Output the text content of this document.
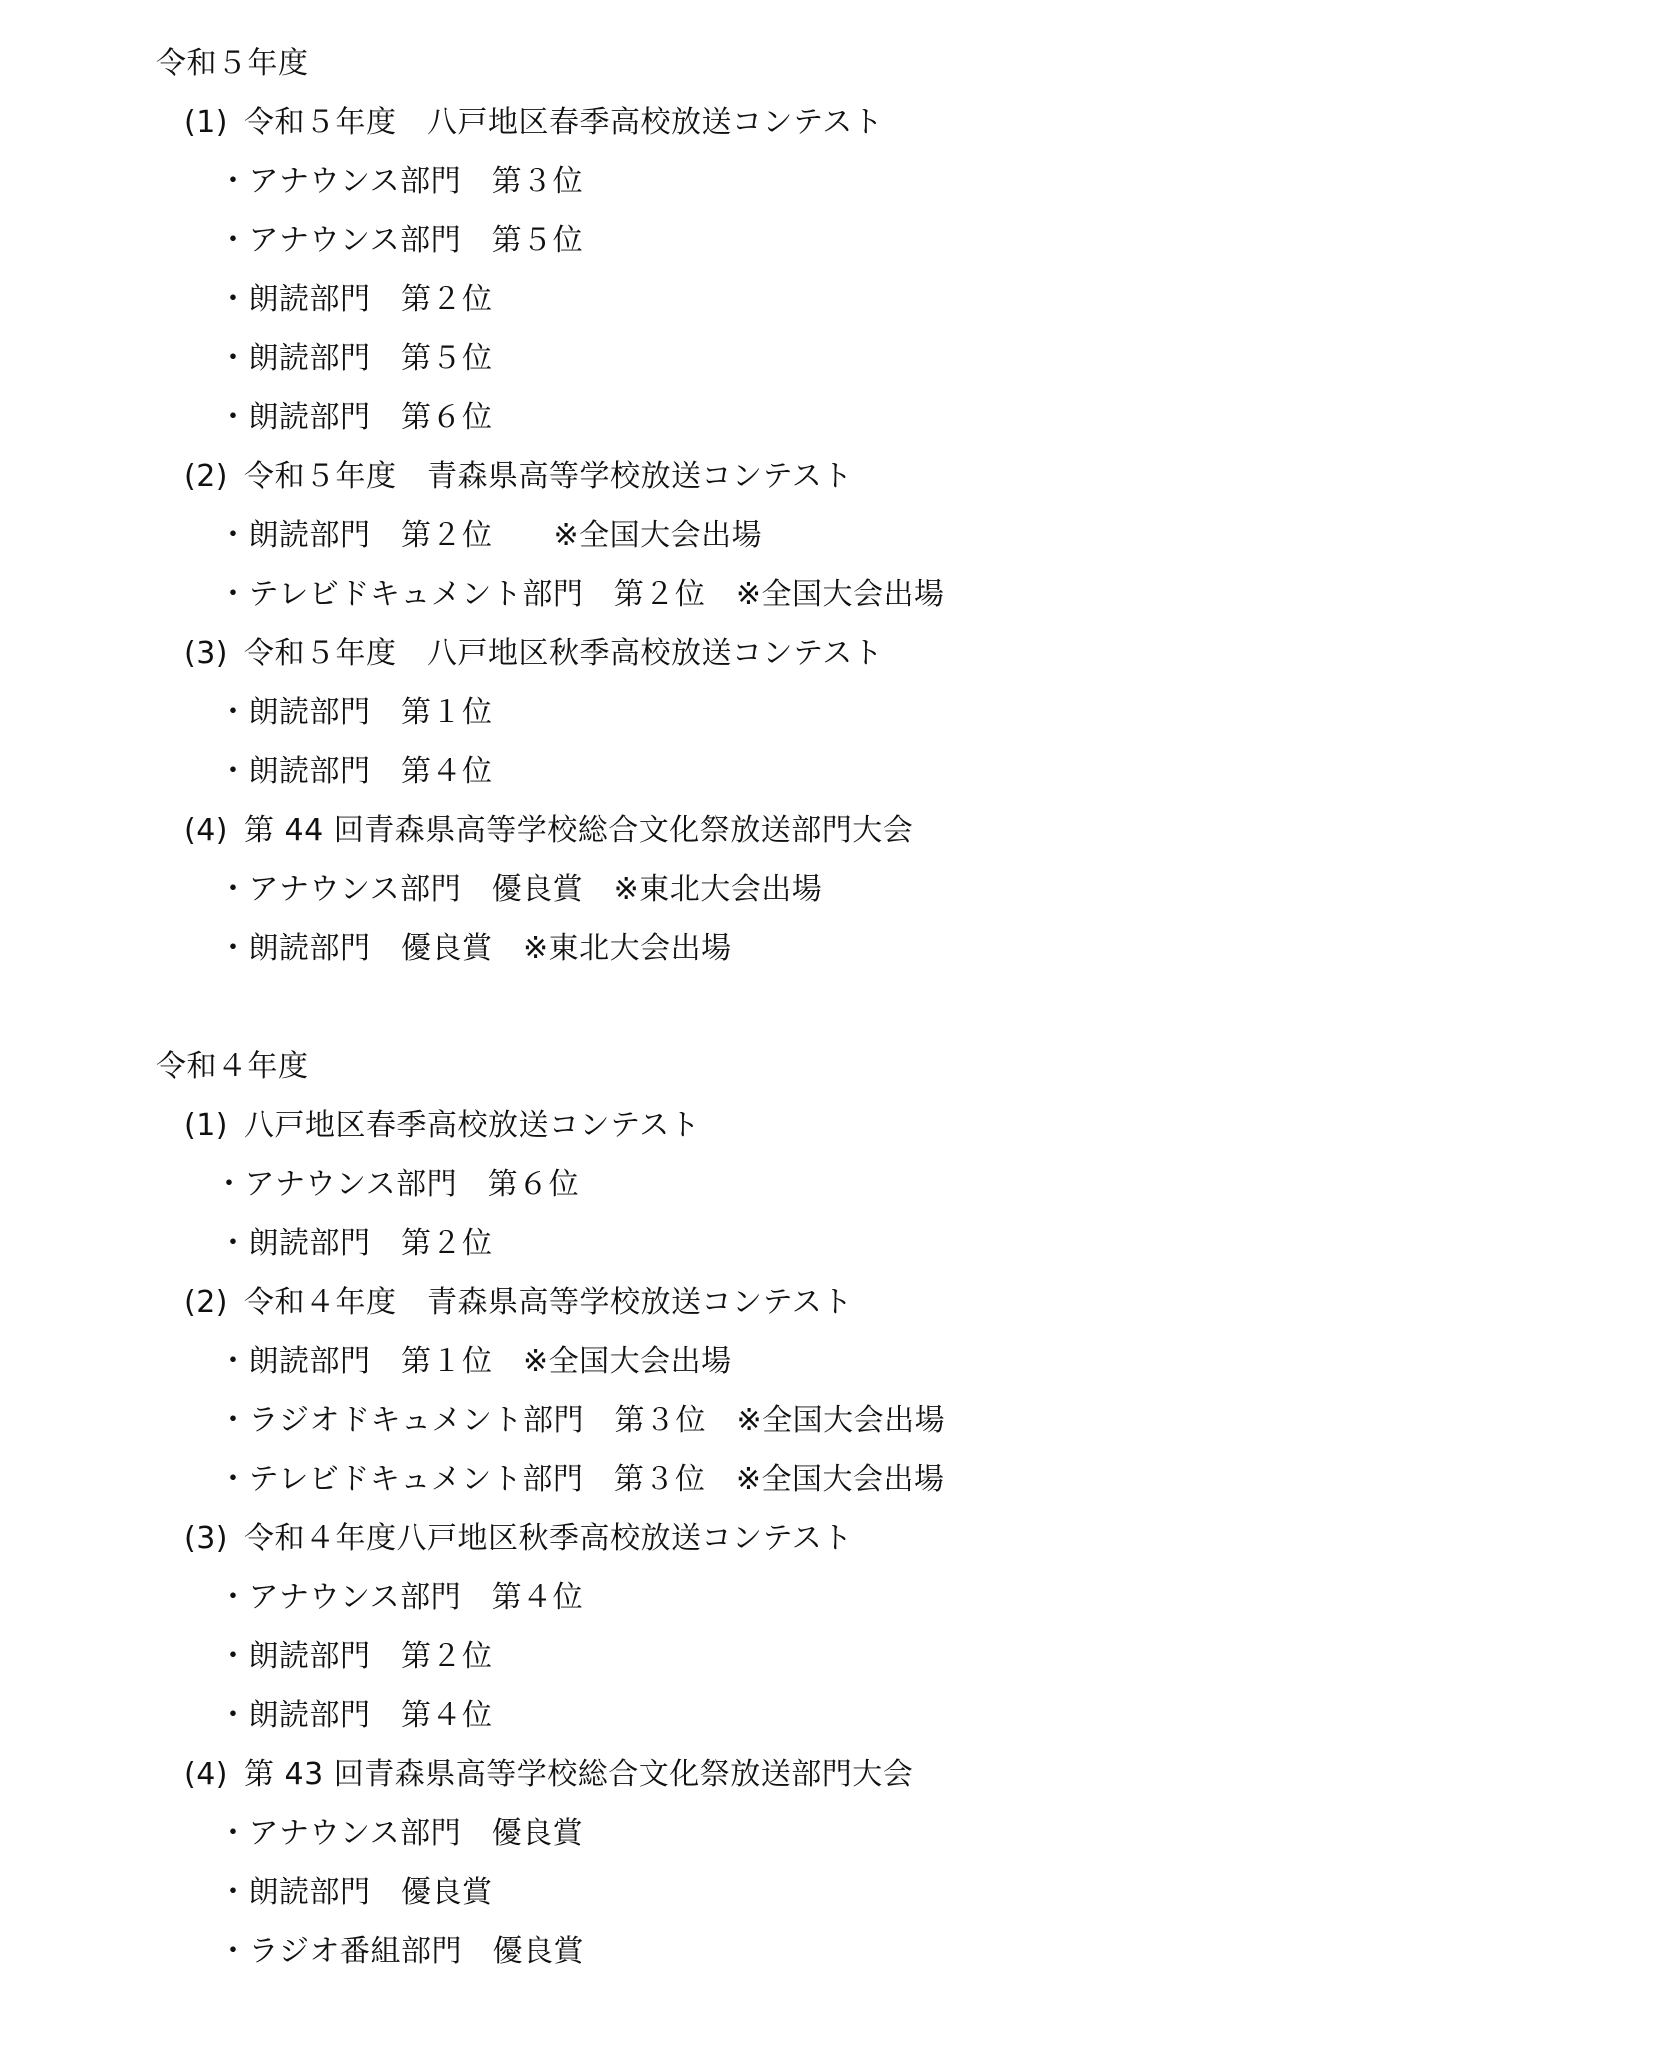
令和５年度
(1) 令和５年度　八戸地区春季高校放送コンテスト
・アナウンス部門　第３位
・アナウンス部門　第５位
・朗読部門　第２位
・朗読部門　第５位
・朗読部門　第６位
(2) 令和５年度　青森県高等学校放送コンテスト
・朗読部門　第２位　　※全国大会出場
・テレビドキュメント部門　第２位　※全国大会出場
(3) 令和５年度　八戸地区秋季高校放送コンテスト
・朗読部門　第１位
・朗読部門　第４位
(4) 第 44 回青森県高等学校総合文化祭放送部門大会
・アナウンス部門　優良賞　※東北大会出場
・朗読部門　優良賞　※東北大会出場
令和４年度
(1) 八戸地区春季高校放送コンテスト
・アナウンス部門　第６位
・朗読部門　第２位
(2) 令和４年度　青森県高等学校放送コンテスト
・朗読部門　第１位　※全国大会出場
・ラジオドキュメント部門　第３位　※全国大会出場
・テレビドキュメント部門　第３位　※全国大会出場
(3) 令和４年度八戸地区秋季高校放送コンテスト
・アナウンス部門　第４位
・朗読部門　第２位
・朗読部門　第４位
(4) 第 43 回青森県高等学校総合文化祭放送部門大会
・アナウンス部門　優良賞
・朗読部門　優良賞
・ラジオ番組部門　優良賞
